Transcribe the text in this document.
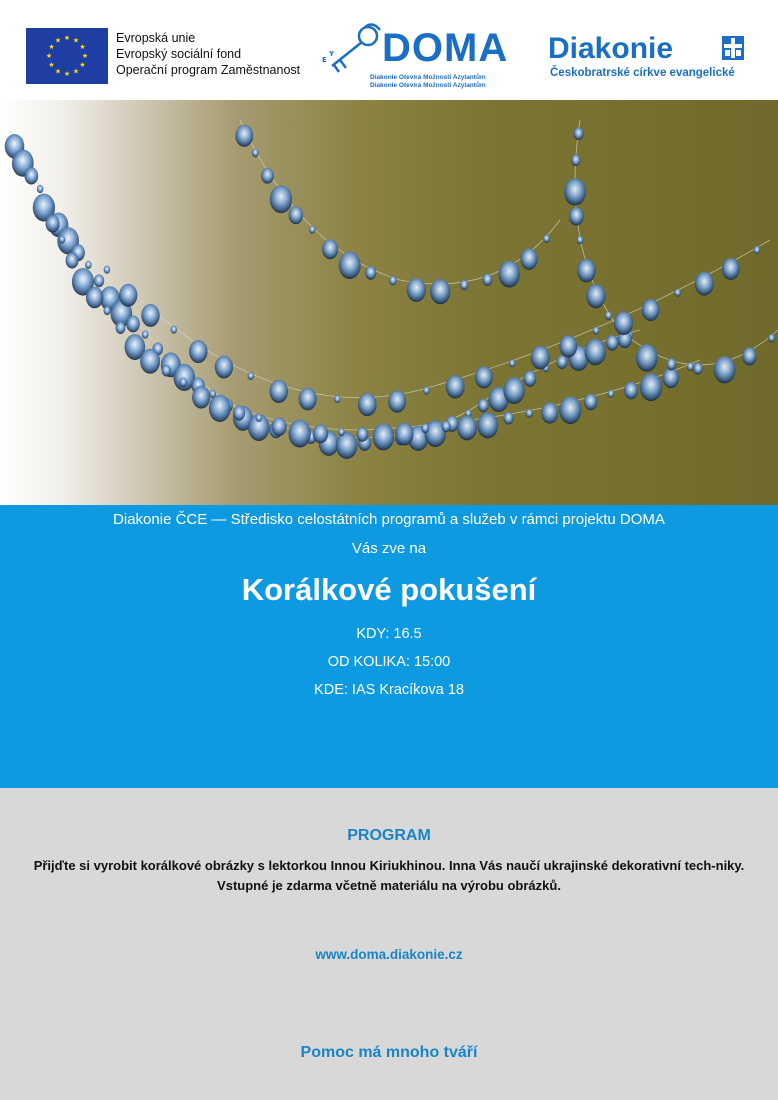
★ ★
★
★
★
★
★
★
★
★
★
★	Evropská unie
Evropský sociální fond
Operační program Zaměstnanost
E
Y DOMA
Diakonie Otevírá Možnosti Azylantům
Diakonie Otevírá Možnosti Azylantům
Diakonie
Českobratrské církve evangelické
Diakonie ČCE — Středisko celostátních programů a služeb v rámci projektu DOMA
Vás zve na
Korálkové pokušení
KDY: 16.5
OD KOLIKA: 15:00
KDE: IAS Kracíkova 18
PROGRAM
Přijďte si vyrobit korálkové obrázky s lektorkou Innou Kiriukhinou. Inna Vás naučí ukrajinské dekorativní tech-niky. Vstupné je zdarma včetně materiálu na výrobu obrázků.
www.doma.diakonie.cz
Pomoc má mnoho tváří
